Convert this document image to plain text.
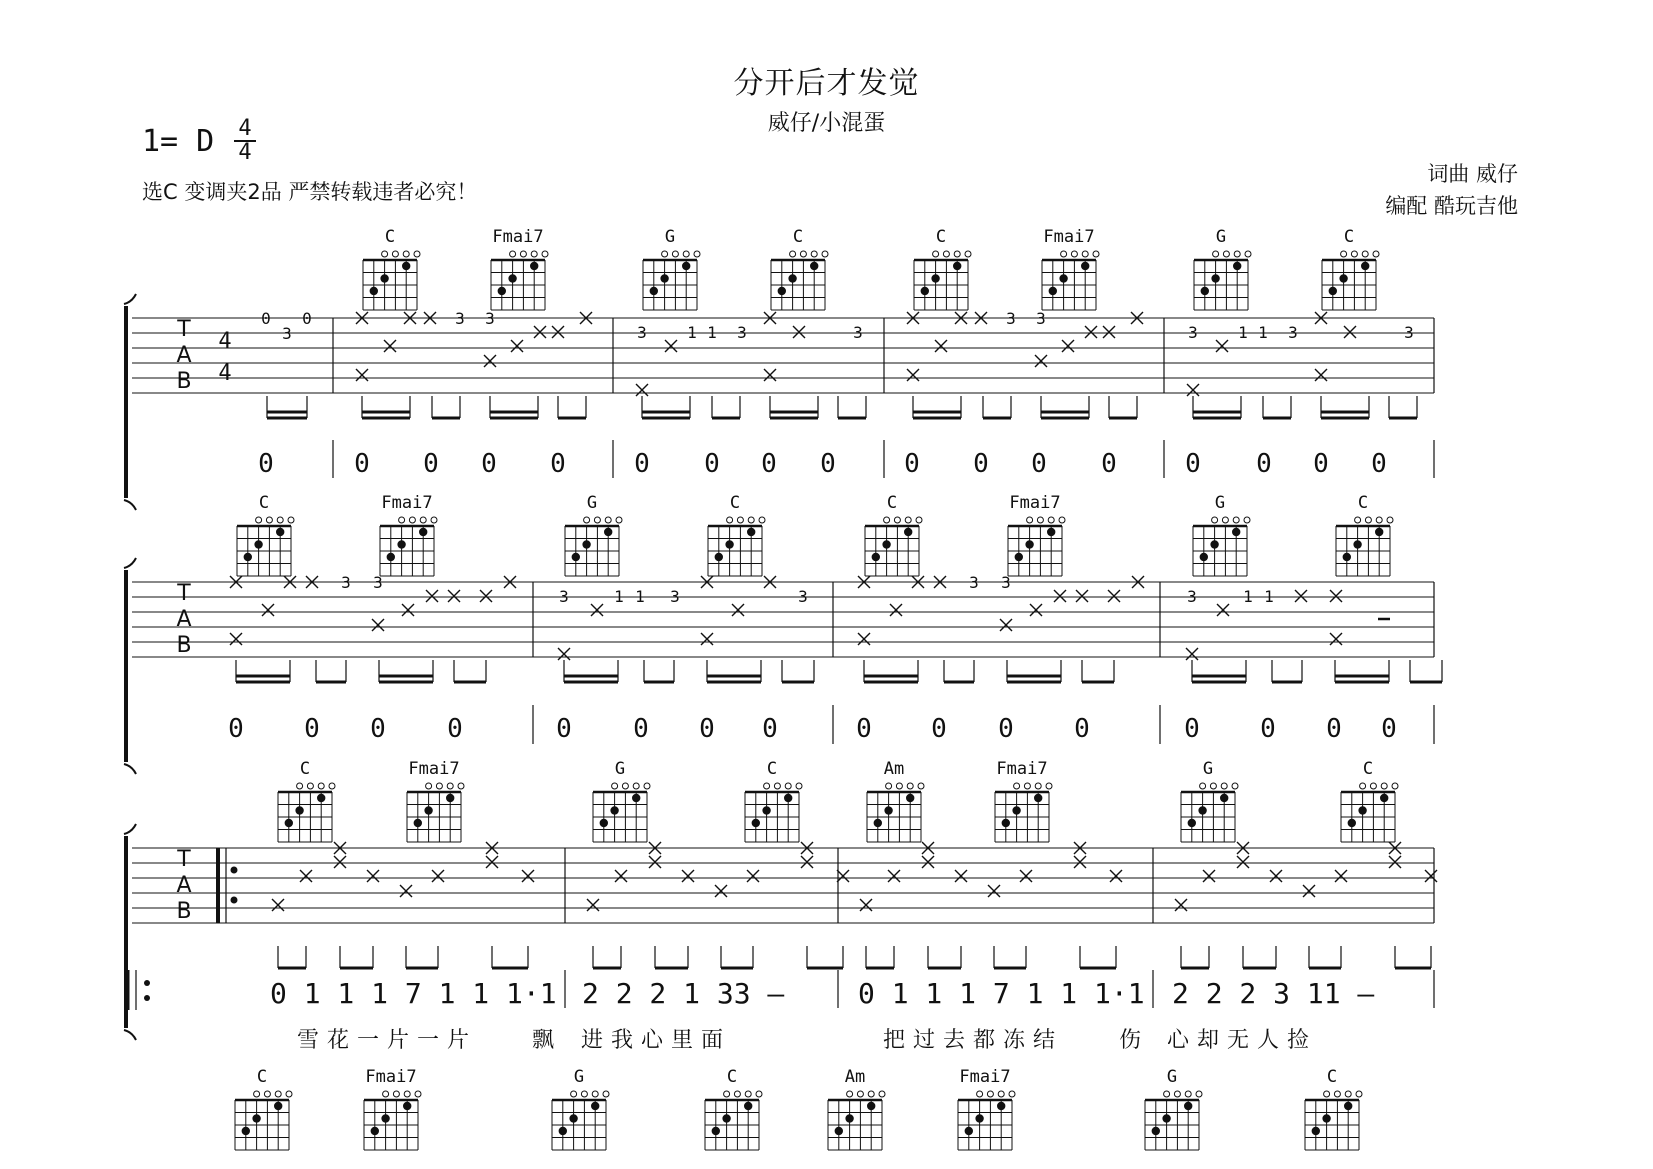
分开后才发觉
威仔/小混蛋
1= D 4
4
选C 变调夹2品 严禁转载违者必究！
词曲 威仔
编配 酷玩吉他
T
A
B
4
4
C	Fmai7	G	C	C	Fmai7	G	C
0
3
0	3 3	3 3
3	1 1 3	3	3	1 1 3	3
0	0 0 0 0	0 0 0 0	0 0 0 0	0 0 0 0
T
A
B
C	Fmai7	G	C	C	Fmai7	G	C
3 3	3 3
3	1 1 3	3	3	1 1
0 0 0 0	0 0 0 0	0 0 0 0	0 0 0 0
T
A
B
C	Fmai7	G	C	Am	Fmai7	G	C
0 1 1 1 7 1 1 1·1 2 2 2 1 33 –	0 1 1 1 7 1 1 1·1 2 2 2 3 11 –
雪花一片一片 飘 进我心里面	把过去都冻结	伤 心却无人捡
C	Fmai7	G	C	Am	Fmai7	G	C
